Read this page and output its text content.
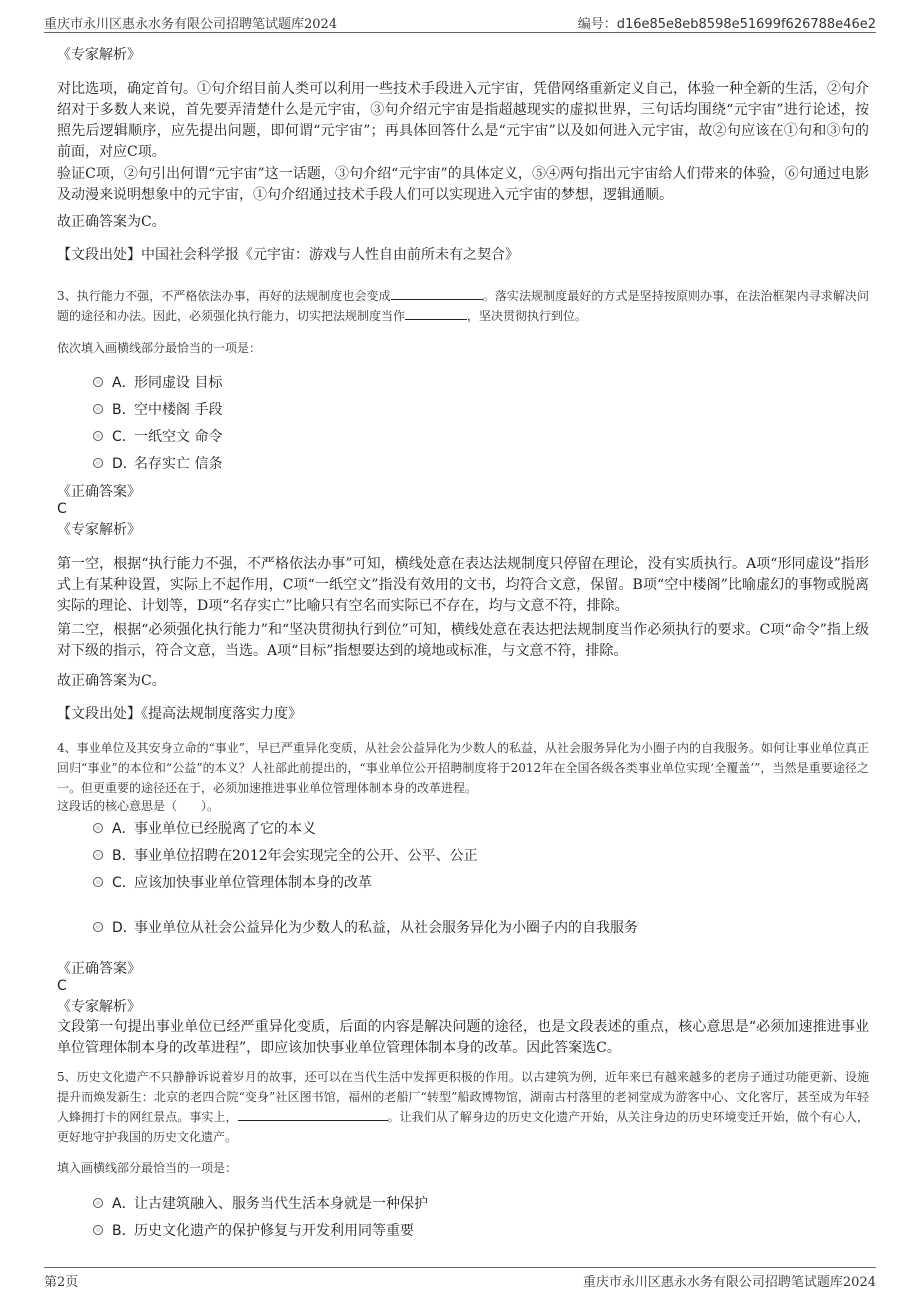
重庆市永川区惠永水务有限公司招聘笔试题库2024	编号：d16e85e8eb8598e51699f626788e46e2
《专家解析》
对比选项，确定首句。①句介绍目前人类可以利用一些技术手段进入元宇宙，凭借网络重新定义自己，体验一种全新的生活，②句介绍对于多数人来说，首先要弄清楚什么是元宇宙，③句介绍元宇宙是指超越现实的虚拟世界，三句话均围绕“元宇宙”进行论述，按照先后逻辑顺序，应先提出问题，即何谓“元宇宙”；再具体回答什么是“元宇宙”以及如何进入元宇宙，故②句应该在①句和③句的前面，对应C项。
验证C项，②句引出何谓“元宇宙”这一话题，③句介绍“元宇宙”的具体定义，⑤④两句指出元宇宙给人们带来的体验，⑥句通过电影及动漫来说明想象中的元宇宙，①句介绍通过技术手段人们可以实现进入元宇宙的梦想，逻辑通顺。
故正确答案为C。
【文段出处】中国社会科学报《元宇宙：游戏与人性自由前所未有之契合》
3、执行能力不强，不严格依法办事，再好的法规制度也会变成	。落实法规制度最好的方式是坚持按原则办事，在法治框架内寻求解决问题的途径和办法。因此，必须强化执行能力，切实把法规制度当作	，坚决贯彻执行到位。
依次填入画横线部分最恰当的一项是：
A．
形同虚设 目标
B．
空中楼阁 手段
C．
一纸空文 命令
D．
名存实亡 信条
《正确答案》
C
《专家解析》
第一空，根据“执行能力不强，不严格依法办事”可知，横线处意在表达法规制度只停留在理论，没有实质执行。A项“形同虚设”指形式上有某种设置，实际上不起作用，C项“一纸空文”指没有效用的文书，均符合文意，保留。B项“空中楼阁”比喻虚幻的事物或脱离实际的理论、计划等，D项“名存实亡”比喻只有空名而实际已不存在，均与文意不符，排除。
第二空，根据“必须强化执行能力”和“坚决贯彻执行到位”可知，横线处意在表达把法规制度当作必须执行的要求。C项“命令”指上级对下级的指示，符合文意，当选。A项“目标”指想要达到的境地或标准，与文意不符，排除。
故正确答案为C。
【文段出处】《提高法规制度落实力度》
4、事业单位及其安身立命的“事业”，早已严重异化变质，从社会公益异化为少数人的私益，从社会服务异化为小圈子内的自我服务。如何让事业单位真正回归“事业”的本位和“公益”的本义？人社部此前提出的，“事业单位公开招聘制度将于2012年在全国各级各类事业单位实现‘全覆盖’”，当然是重要途径之一。但更重要的途径还在于，必须加速推进事业单位管理体制本身的改革进程。
这段话的核心意思是（　　）。
A．
事业单位已经脱离了它的本义
B．
事业单位招聘在2012年会实现完全的公开、公平、公正
C．
应该加快事业单位管理体制本身的改革
D．
事业单位从社会公益异化为少数人的私益，从社会服务异化为小圈子内的自我服务
《正确答案》
C
《专家解析》
文段第一句提出事业单位已经严重异化变质，后面的内容是解决问题的途径，也是文段表述的重点，核心意思是“必须加速推进事业单位管理体制本身的改革进程”，即应该加快事业单位管理体制本身的改革。因此答案选C。
5、历史文化遗产不只静静诉说着岁月的故事，还可以在当代生活中发挥更积极的作用。以古建筑为例，近年来已有越来越多的老房子通过功能更新、设施提升而焕发新生：北京的老四合院“变身”社区图书馆，福州的老船厂“转型”船政博物馆，湖南古村落里的老祠堂成为游客中心、文化客厅，甚至成为年轻人蜂拥打卡的网红景点。事实上，	。让我们从了解身边的历史文化遗产开始，从关注身边的历史环境变迁开始，做个有心人，更好地守护我国的历史文化遗产。
填入画横线部分最恰当的一项是：
A．
让古建筑融入、服务当代生活本身就是一种保护
B．
历史文化遗产的保护修复与开发利用同等重要
第2页	重庆市永川区惠永水务有限公司招聘笔试题库2024
